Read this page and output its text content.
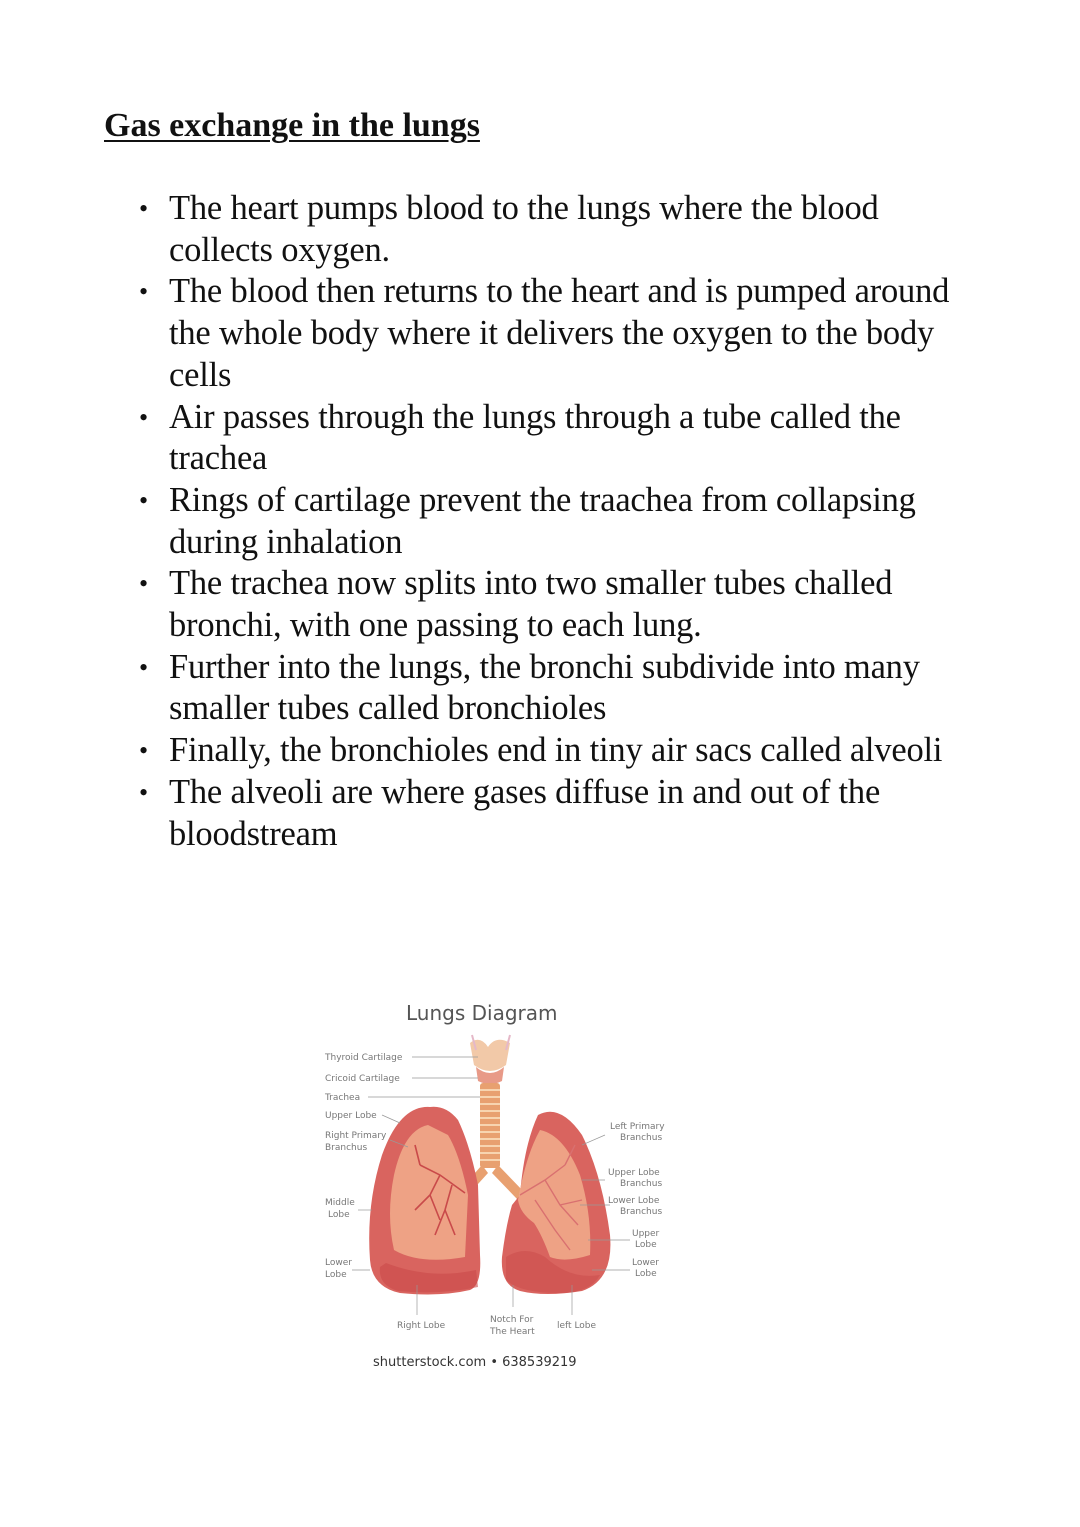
Gas exchange in the lungs
• The heart pumps blood to the lungs where the blood collects oxygen.
• The blood then returns to the heart and is pumped around the whole body where it delivers the oxygen to the body cells
• Air passes through the lungs through a tube called the trachea
• Rings of cartilage prevent the traachea from collapsing during inhalation
• The trachea now splits into two smaller tubes challed bronchi, with one passing to each lung.
• Further into the lungs, the bronchi subdivide into many smaller tubes called bronchioles
• Finally, the bronchioles end in tiny air sacs called alveoli
• The alveoli are where gases diffuse in and out of the bloodstream
Lungs Diagram
Thyroid Cartilage
Cricoid Cartilage
Trachea
Upper Lobe
Right Primary
Branchus
Middle
Lobe
Lower
Lobe
Left Primary
Branchus
Upper Lobe
Branchus
Lower Lobe
Branchus
Upper
Lobe
Lower
Lobe
Right Lobe
Notch For
The Heart
left Lobe
shutterstock.com • 638539219
